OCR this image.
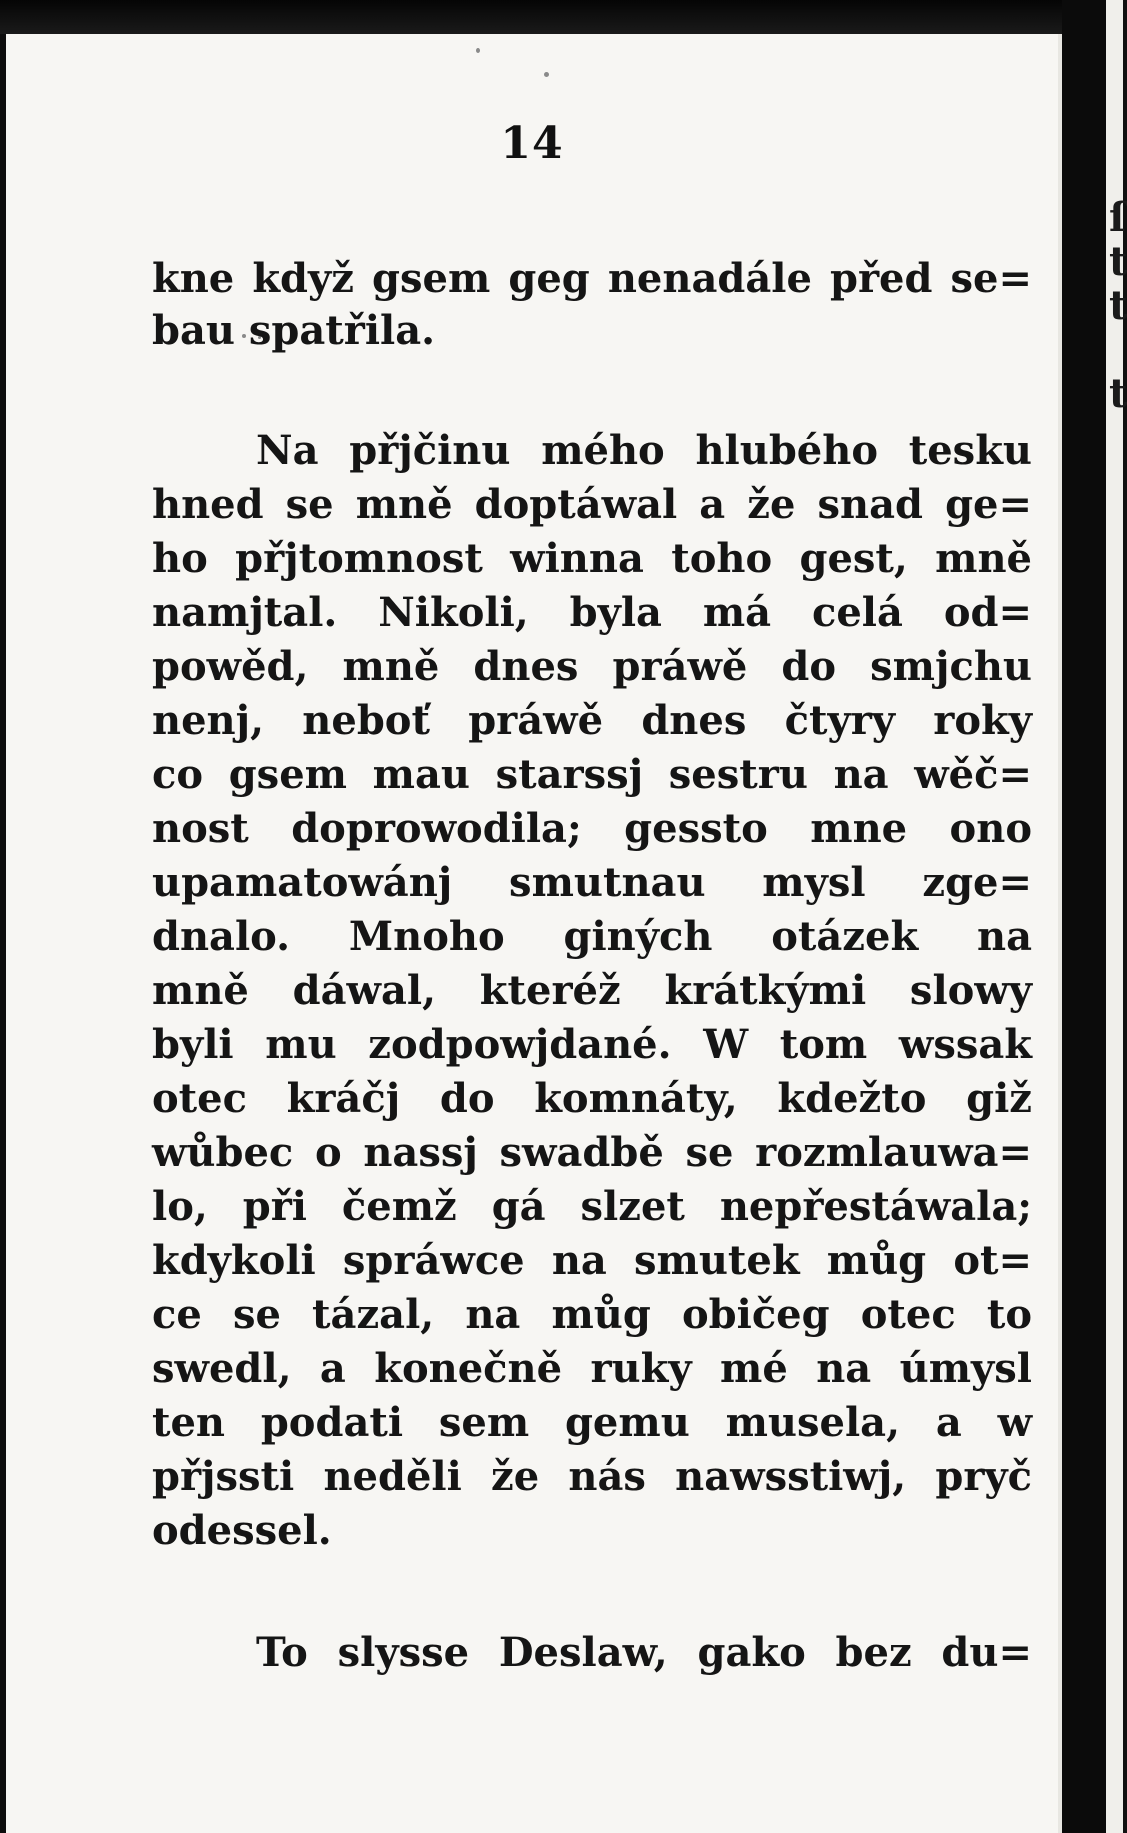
14
kne když gsem geg nenadále před se=
bau spatřila.
Na přjčinu mého hlubého tesku
hned se mně doptáwal a že snad ge=
ho přjtomnost winna toho gest, mně
namjtal. Nikoli, byla má celá od=
powěd, mně dnes práwě do smjchu
nenj, neboť práwě dnes čtyry roky
co gsem mau starssj sestru na wěč=
nost doprowodila; gessto mne ono
upamatowánj smutnau mysl zge=
dnalo. Mnoho giných otázek na
mně dáwal, kteréž krátkými slowy
byli mu zodpowjdané. W tom wssak
otec kráčj do komnáty, kdežto giž
wůbec o nassj swadbě se rozmlauwa=
lo, při čemž gá slzet nepřestáwala;
kdykoli spráwce na smutek můg ot=
ce se tázal, na můg običeg otec to
swedl, a konečně ruky mé na úmysl
ten podati sem gemu musela, a w
přjssti neděli že nás nawsstiwj, pryč
odessel.
To slysse Deslaw, gako bez du=
ſ
t
t

t
